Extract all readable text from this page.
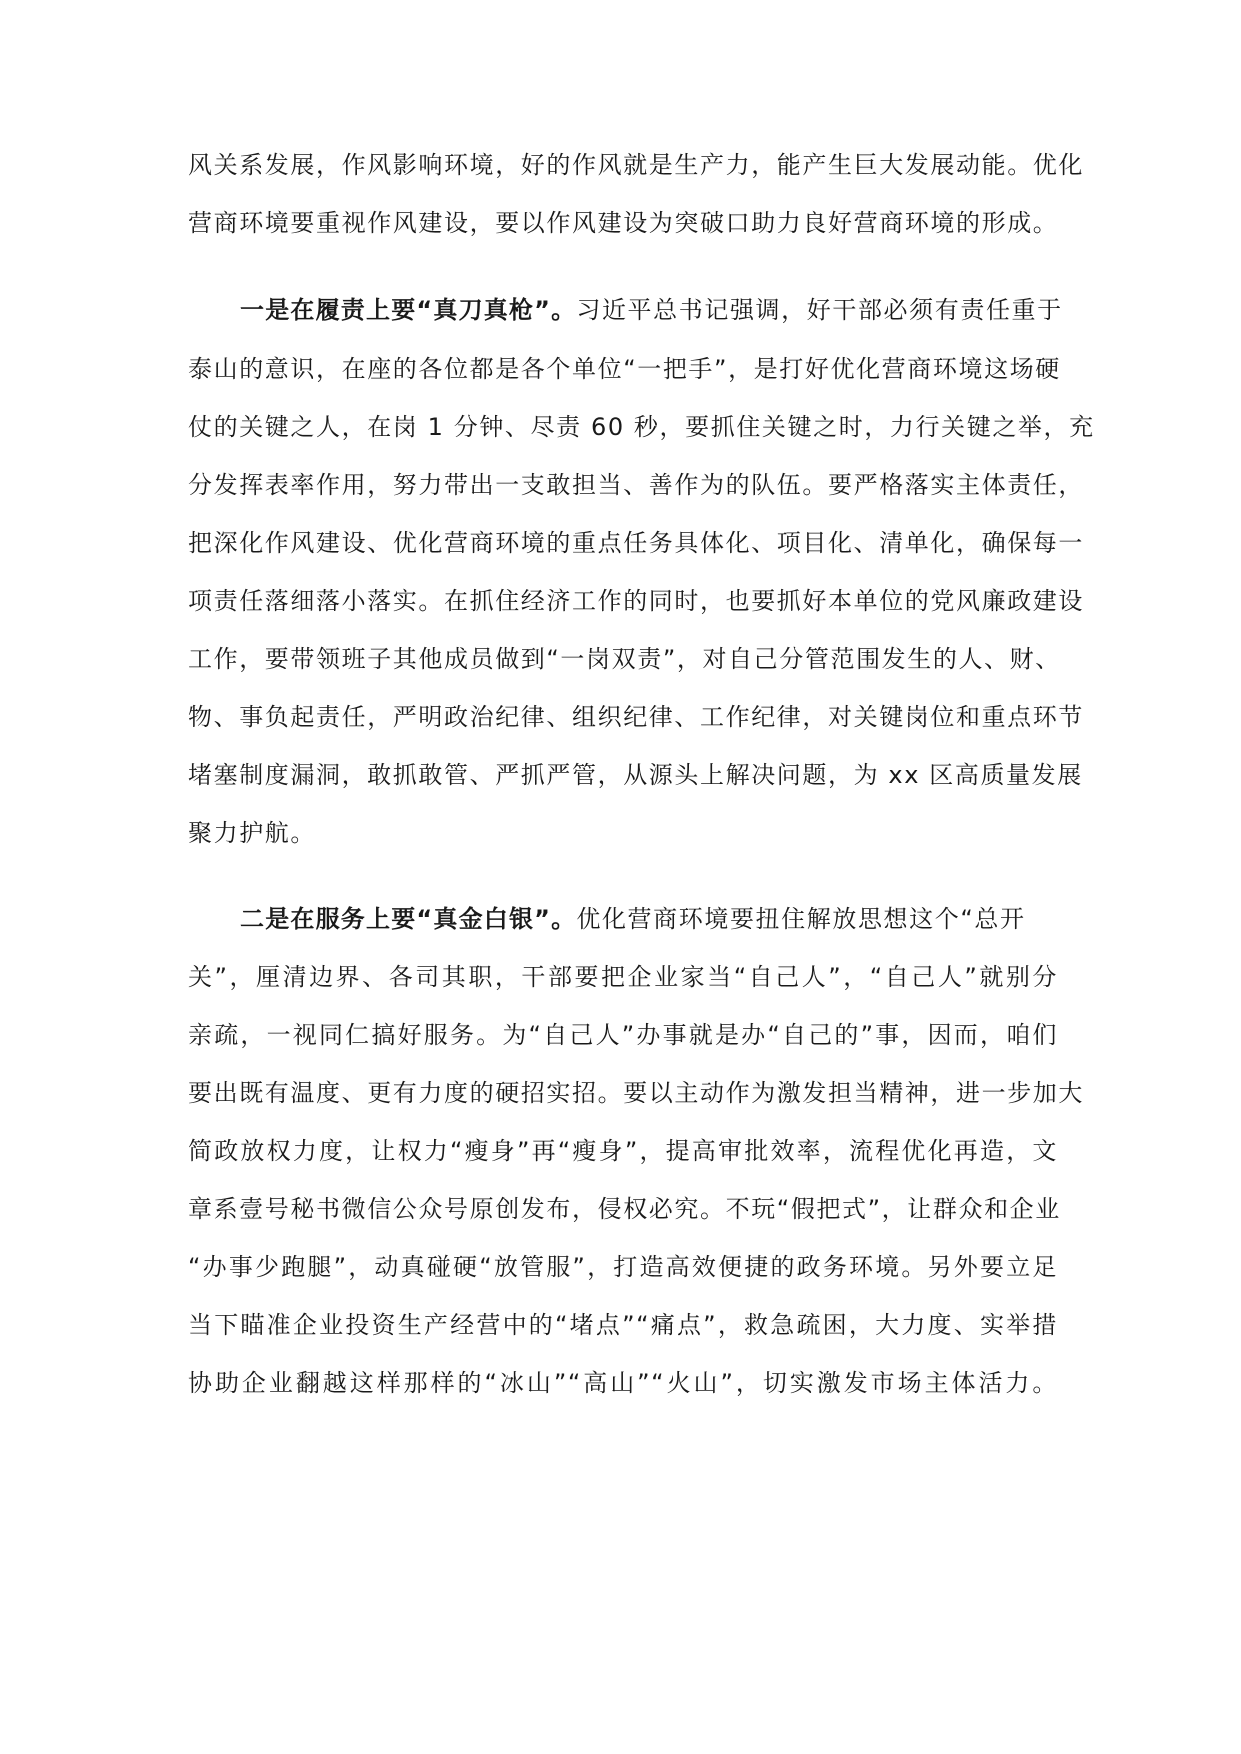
风关系发展，作风影响环境，好的作风就是生产力，能产生巨大发展动能。优化
营商环境要重视作风建设，要以作风建设为突破口助力良好营商环境的形成。
一是在履责上要“真刀真枪”。习近平总书记强调，好干部必须有责任重于
泰山的意识，在座的各位都是各个单位“一把手”，是打好优化营商环境这场硬
仗的关键之人，在岗 1 分钟、尽责 60 秒，要抓住关键之时，力行关键之举，充
分发挥表率作用，努力带出一支敢担当、善作为的队伍。要严格落实主体责任，
把深化作风建设、优化营商环境的重点任务具体化、项目化、清单化，确保每一
项责任落细落小落实。在抓住经济工作的同时，也要抓好本单位的党风廉政建设
工作，要带领班子其他成员做到“一岗双责”，对自己分管范围发生的人、财、
物、事负起责任，严明政治纪律、组织纪律、工作纪律，对关键岗位和重点环节
堵塞制度漏洞，敢抓敢管、严抓严管，从源头上解决问题，为 xx 区高质量发展
聚力护航。
二是在服务上要“真金白银”。优化营商环境要扭住解放思想这个“总开
关”，厘清边界、各司其职，干部要把企业家当“自己人”，“自己人”就别分
亲疏，一视同仁搞好服务。为“自己人”办事就是办“自己的”事，因而，咱们
要出既有温度、更有力度的硬招实招。要以主动作为激发担当精神，进一步加大
简政放权力度，让权力“瘦身”再“瘦身”，提高审批效率，流程优化再造，文
章系壹号秘书微信公众号原创发布，侵权必究。不玩“假把式”，让群众和企业
“办事少跑腿”，动真碰硬“放管服”，打造高效便捷的政务环境。另外要立足
当下瞄准企业投资生产经营中的“堵点”“痛点”，救急疏困，大力度、实举措
协助企业翻越这样那样的“冰山”“高山”“火山”，切实激发市场主体活力。
